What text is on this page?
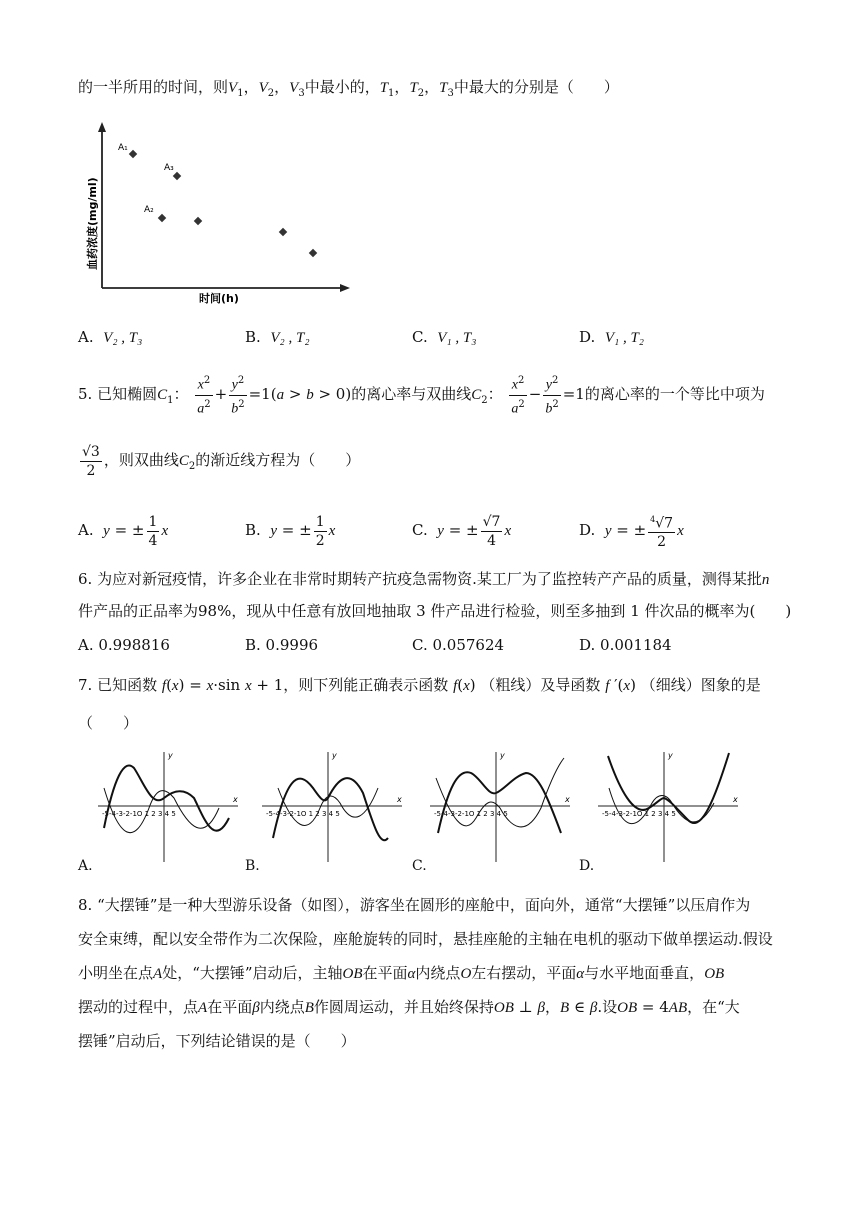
的一半所用的时间，则$V_1$，$V_2$，$V_3$中最小的，$T_1$，$T_2$，$T_3$中最大的分别是（　　）
血药浓度(mg/ml)
时间(h)
A₁
A₃
A₂
A. V₂ , T₃	B. V₂ , T₂	C. V₁ , T₃	D. V₁ , T₂
5. 已知椭圆$C_1$： $\frac{x^2}{a^2} + \frac{y^2}{b^2} =1(a > b > 0)$的离心率与双曲线$C_2$： $\frac{x^2}{a^2} - \frac{y^2}{b^2} =1$的离心率的一个等比中项为
$\frac{√3}{2}$ ，则双曲线$C_2$的渐近线方程为（　　）
A. y = ± $\frac{1}{4}$ x	B. y = ± $\frac{1}{2}$ x	C. y = ± $\frac{√7}{4}$ x	D. y = ± $\frac{^4√7}{2}$ x
6. 为应对新冠疫情，许多企业在非常时期转产抗疫急需物资.某工厂为了监控转产产品的质量，测得某批n
件产品的正品率为98%，现从中任意有放回地抽取 3 件产品进行检验，则至多抽到 1 件次品的概率为(　　)
A. 0.998816	B. 0.9996	C. 0.057624	D. 0.001184
7. 已知函数 f(x) = x·sin x + 1，则下列能正确表示函数 f(x) （粗线）及导函数 f ′(x) （细线）图象的是
（　　）
y
x
-5-4-3-2-1O 1 2 3 4 5
y
x
-5-4-3-2-1O 1 2 3 4 5
y
x
-5-4-3-2-1O 1 2 3 4 5
y
x
-5-4-3-2-1O 1 2 3 4 5
A.	B.	C.	D.
8. “大摆锤”是一种大型游乐设备（如图），游客坐在圆形的座舱中，面向外，通常“大摆锤”以压肩作为
安全束缚，配以安全带作为二次保险，座舱旋转的同时，悬挂座舱的主轴在电机的驱动下做单摆运动.假设
小明坐在点A处，“大摆锤”启动后，主轴OB在平面α内绕点O左右摆动，平面α与水平地面垂直，OB
摆动的过程中，点A在平面β内绕点B作圆周运动，并且始终保持OB ⊥ β，B ∈ β.设OB = 4AB，在“大
摆锤”启动后，下列结论错误的是（　　）
